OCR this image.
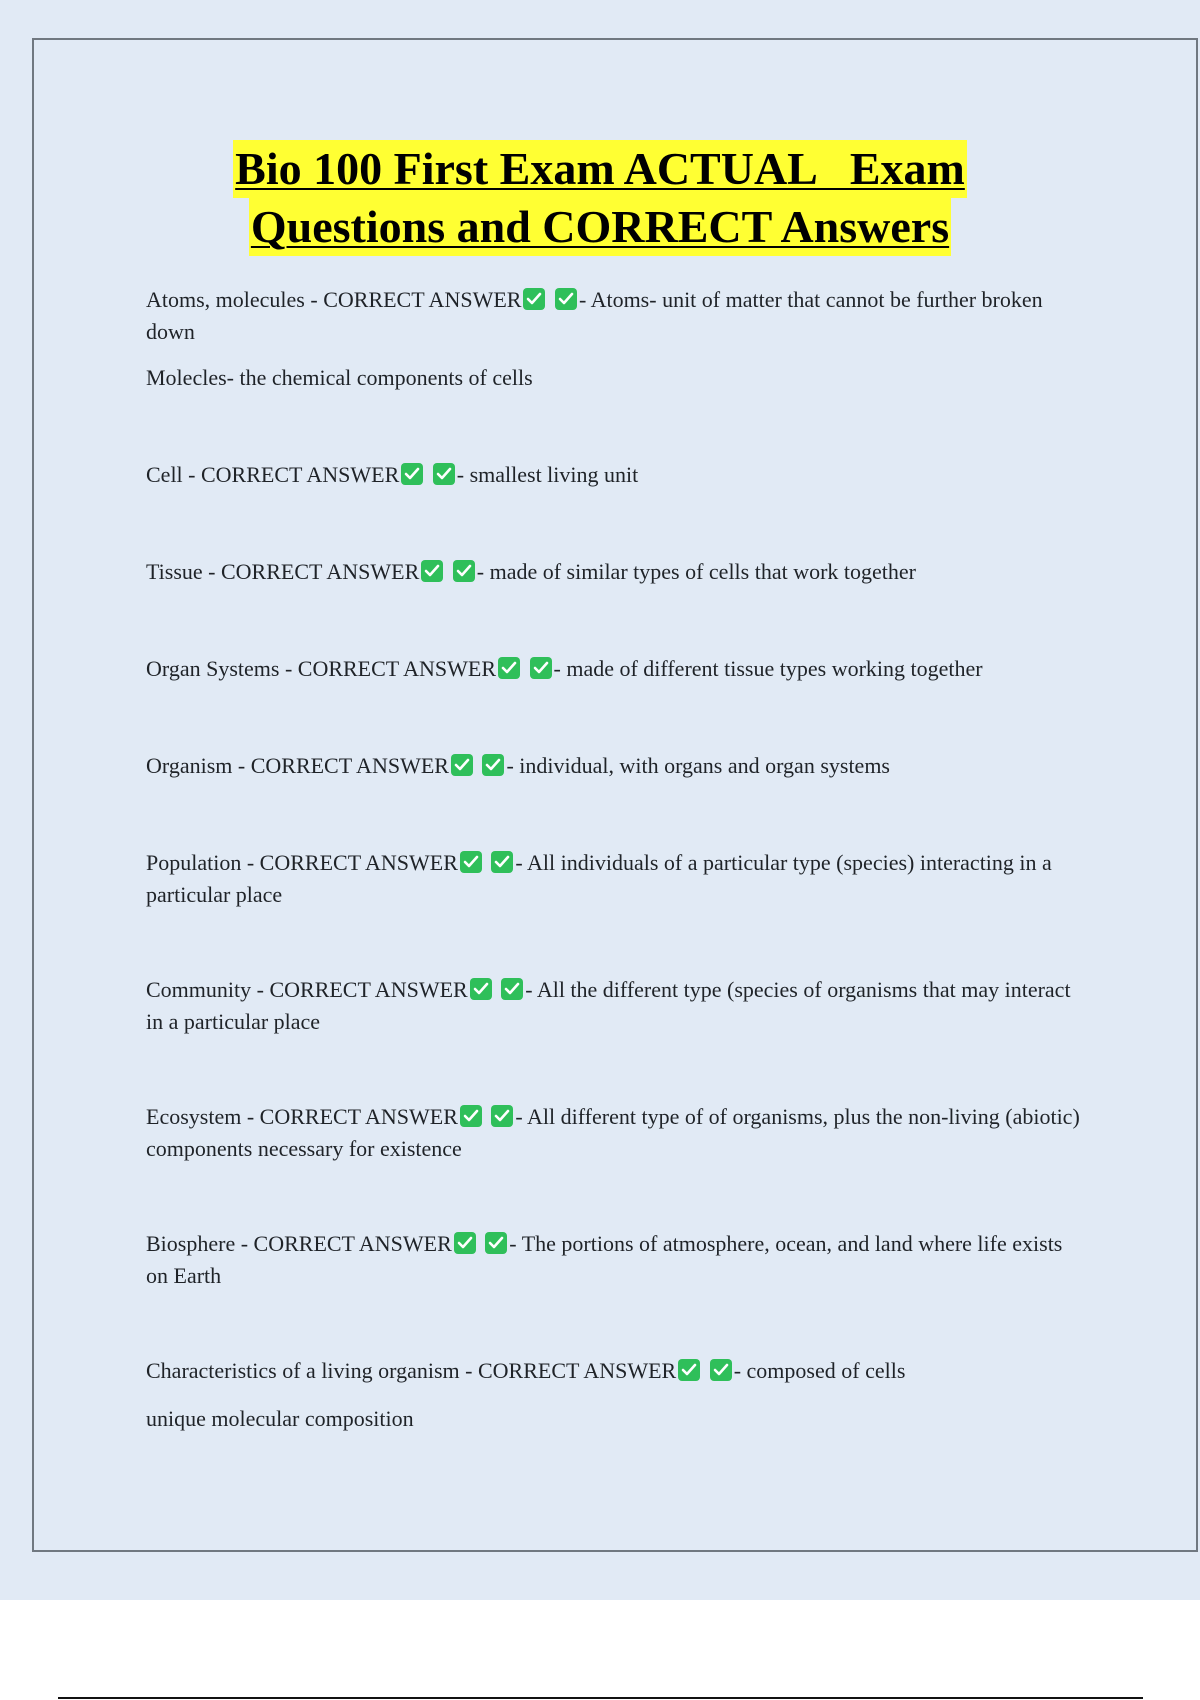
Bio 100 First Exam ACTUAL   Exam
Questions and CORRECT Answers

Atoms, molecules - CORRECT ANSWER
	- Atoms- unit of matter that cannot be further broken down

Molecles- the chemical components of cells

Cell - CORRECT ANSWER
	- smallest living unit

Tissue - CORRECT ANSWER
	- made of similar types of cells that work together

Organ Systems - CORRECT ANSWER
	- made of different tissue types working together

Organism - CORRECT ANSWER
	- individual, with organs and organ systems

Population - CORRECT ANSWER
	- All individuals of a particular type (species) interacting in a particular place

Community - CORRECT ANSWER
	- All the different type (species of organisms that may interact in a particular place

Ecosystem - CORRECT ANSWER
	- All different type of of organisms, plus the non-living (abiotic) components necessary for existence

Biosphere - CORRECT ANSWER
	- The portions of atmosphere, ocean, and land where life exists on Earth

Characteristics of a living organism - CORRECT ANSWER
	- composed of cells

unique molecular composition
